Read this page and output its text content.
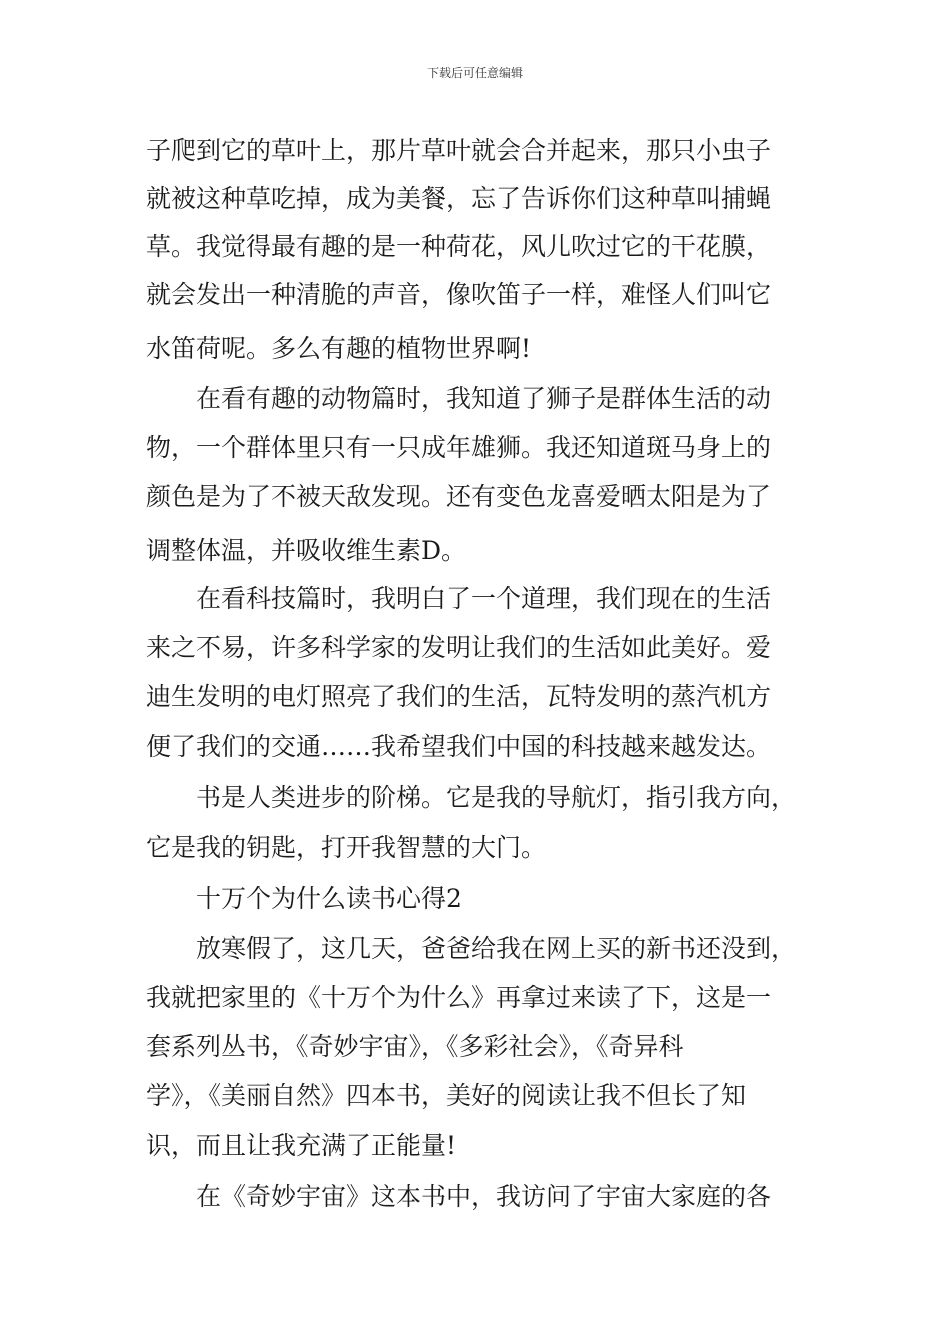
下载后可任意编辑

子爬到它的草叶上，那片草叶就会合并起来，那只小虫子

就被这种草吃掉，成为美餐，忘了告诉你们这种草叫捕蝇

草。我觉得最有趣的是一种荷花，风儿吹过它的干花膜，

就会发出一种清脆的声音，像吹笛子一样，难怪人们叫它

水笛荷呢。多么有趣的植物世界啊!

在看有趣的动物篇时，我知道了狮子是群体生活的动

物，一个群体里只有一只成年雄狮。我还知道斑马身上的

颜色是为了不被天敌发现。还有变色龙喜爱晒太阳是为了

调整体温，并吸收维生素D。

在看科技篇时，我明白了一个道理，我们现在的生活

来之不易，许多科学家的发明让我们的生活如此美好。爱

迪生发明的电灯照亮了我们的生活，瓦特发明的蒸汽机方

便了我们的交通……我希望我们中国的科技越来越发达。

书是人类进步的阶梯。它是我的导航灯，指引我方向，

它是我的钥匙，打开我智慧的大门。

十万个为什么读书心得2

放寒假了，这几天，爸爸给我在网上买的新书还没到，

我就把家里的《十万个为什么》再拿过来读了下，这是一

套系列丛书，《奇妙宇宙》，《多彩社会》，《奇异科

学》，《美丽自然》四本书，美好的阅读让我不但长了知

识，而且让我充满了正能量!

在《奇妙宇宙》这本书中，我访问了宇宙大家庭的各
